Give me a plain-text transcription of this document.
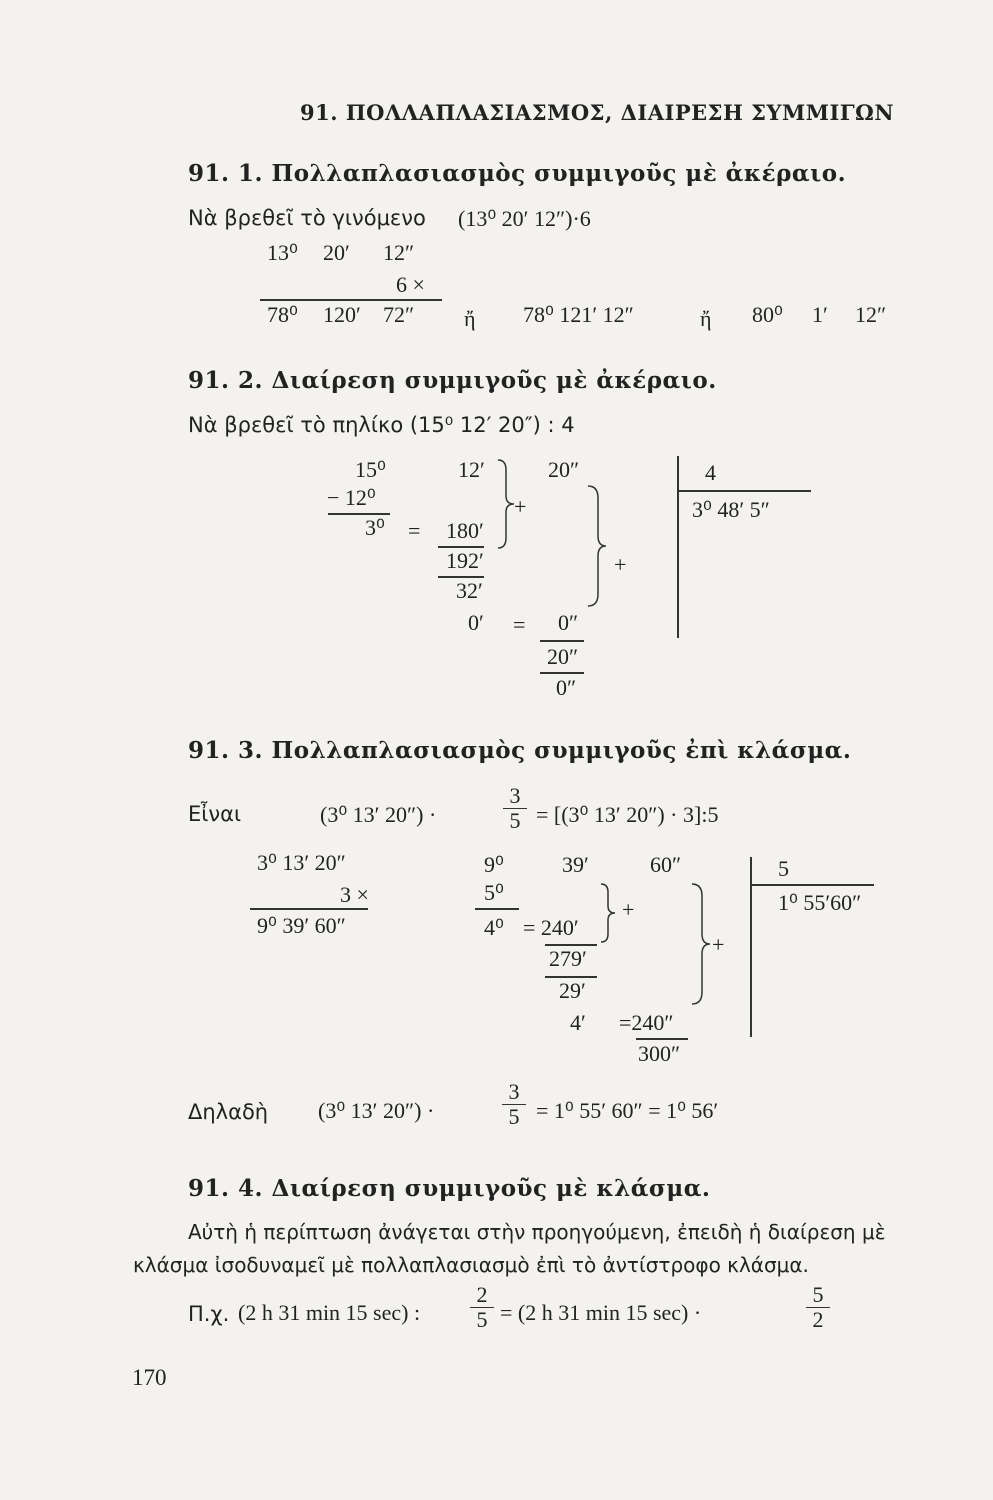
91. ΠΟΛΛΑΠΛΑΣΙΑΣΜΟΣ, ΔΙΑΙΡΕΣΗ ΣΥΜΜΙΓΩΝ
91. 1. Πολλαπλασιασμὸς συμμιγοῦς μὲ ἀκέραιο.
Νὰ βρεθεῖ τὸ γινόμενο (13⁰ 20′ 12″)·6
13⁰ 20′ 12″
6 ×
78⁰ 120′ 72″ ἤ 78⁰ 121′ 12″	ἤ 80⁰ 1′ 12″
91. 2. Διαίρεση συμμιγοῦς μὲ ἀκέραιο.
Νὰ βρεθεῖ τὸ πηλίκο (15⁰ 12′ 20″) : 4
15⁰	12′	20″
− 12⁰
3⁰ = 180′
+
192′
32′
0′ = 0″
+
20″
0″
4
3⁰ 48′ 5″
91. 3. Πολλαπλασιασμὸς συμμιγοῦς ἐπὶ κλάσμα.
Εἶναι	(3⁰ 13′ 20″) ·	$\frac{3}{5} = [(3^0$ 13′ 20″) · 3]:5
3⁰ 13′ 20″
3 ×
9⁰ 39′ 60″
9⁰	39′	60″
5⁰
4⁰ = 240′
+
279′
29′
4′ =240″
+
300″
5
1⁰ 55′60″
Δηλαδὴ (3⁰ 13′ 20″) ·	$\frac{3}{5} = 1^0$ 55′ 60″ = 1⁰ 56′
91. 4. Διαίρεση συμμιγοῦς μὲ κλάσμα.
Αὐτὴ ἡ περίπτωση ἀνάγεται στὴν προηγούμενη, ἐπειδὴ ἡ διαίρεση μὲ
κλάσμα ἰσοδυναμεῖ μὲ πολλαπλασιασμὸ ἐπὶ τὸ ἀντίστροφο κλάσμα.
Π.χ. (2 h 31 min 15 sec) : $\frac{2}{5} = (2$ h 31 min 15 sec) ·	$\frac{5}{2}$
170
